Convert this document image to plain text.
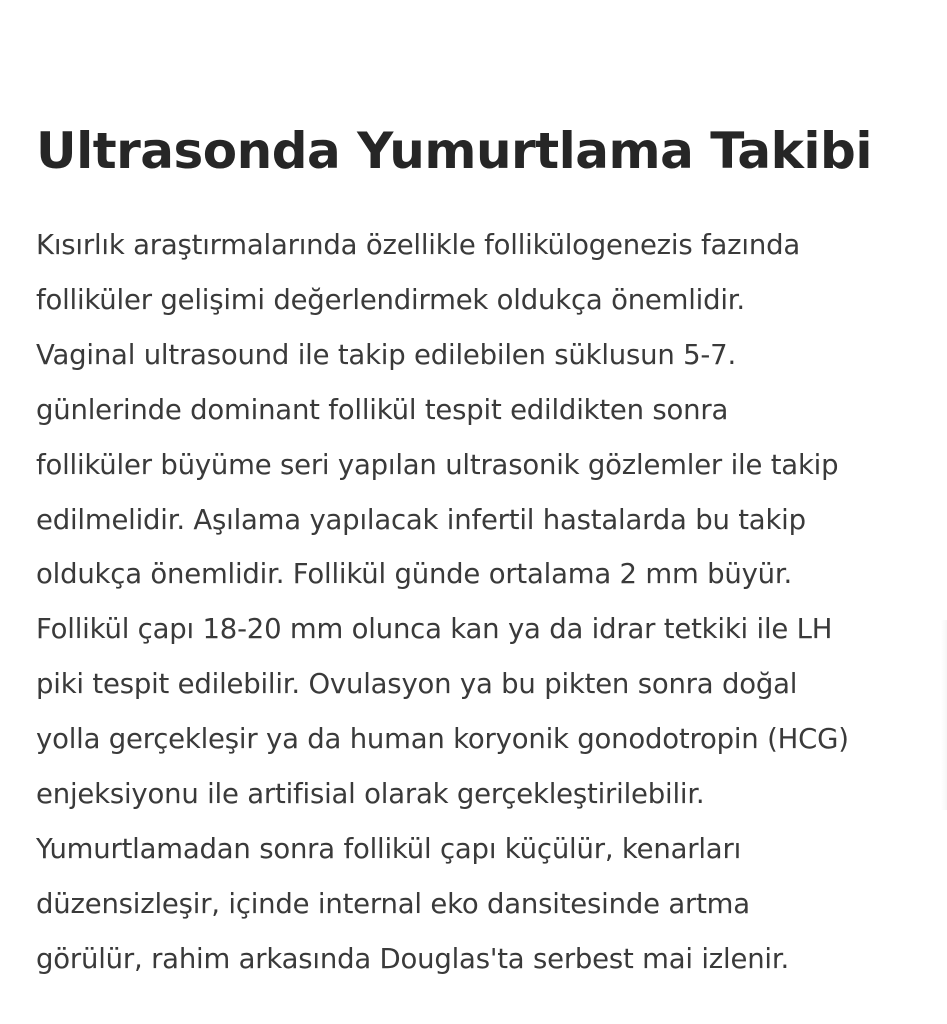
Ultrasonda Yumurtlama Takibi

Kısırlık araştırmalarında özellikle follikülogenezis fazında
folliküler gelişimi değerlendirmek oldukça önemlidir.
Vaginal ultrasound ile takip edilebilen süklusun 5-7.
günlerinde dominant follikül tespit edildikten sonra
folliküler büyüme seri yapılan ultrasonik gözlemler ile takip
edilmelidir. Aşılama yapılacak infertil hastalarda bu takip
oldukça önemlidir. Follikül günde ortalama 2 mm büyür.
Follikül çapı 18-20 mm olunca kan ya da idrar tetkiki ile LH
piki tespit edilebilir. Ovulasyon ya bu pikten sonra doğal
yolla gerçekleşir ya da human koryonik gonodotropin (HCG)
enjeksiyonu ile artifisial olarak gerçekleştirilebilir.
Yumurtlamadan sonra follikül çapı küçülür, kenarları
düzensizleşir, içinde internal eko dansitesinde artma
görülür, rahim arkasında Douglas'ta serbest mai izlenir.
